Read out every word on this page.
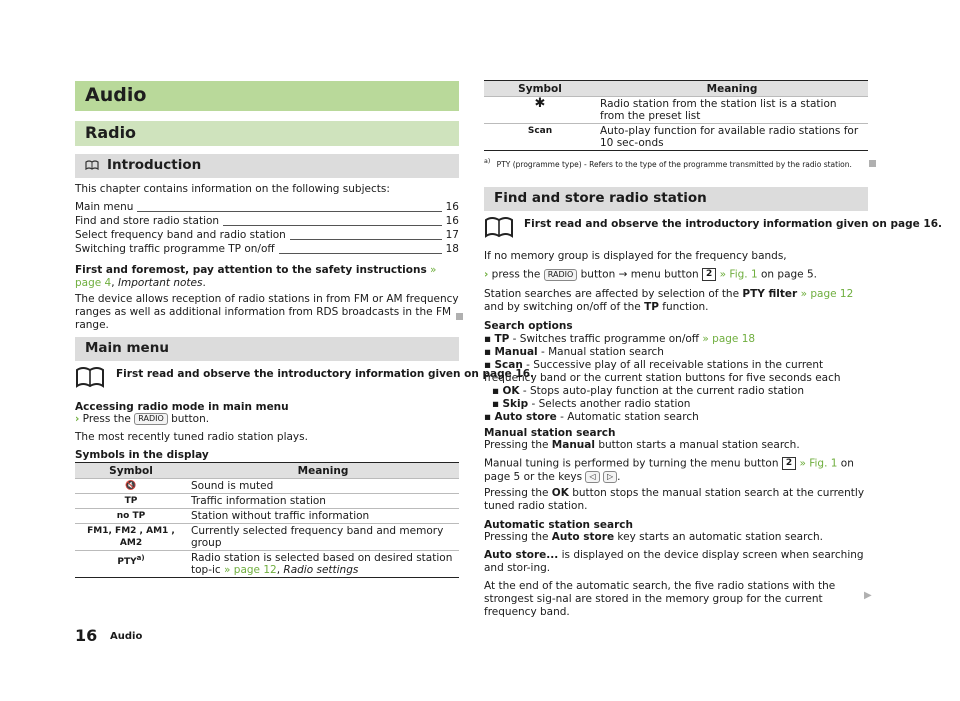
Audio
Radio
Introduction

This chapter contains information on the following subjects:

Main menu	16
Find and store radio station	16
Select frequency band and radio station	17
Switching traffic programme TP on/off	18

First and foremost, pay attention to the safety instructions » page 4, Important notes.

The device allows reception of radio stations in from FM or AM frequency ranges as well as additional information from RDS broadcasts in the FM range.

Main menu

First read and observe the introductory information given on page 16.

Accessing radio mode in main menu

› Press the RADIO button.

The most recently tuned radio station plays.

Symbols in the display

Symbol	Meaning
🔇	Sound is muted
TP	Traffic information station
no TP	Station without traffic information
FM1, FM2 , AM1 , AM2	Currently selected frequency band and memory group
PTY$^{a)}$	Radio station is selected based on desired station top-ic » page 12, Radio settings
16 Audio
Symbol	Meaning
✱	Radio station from the station list is a station from the preset list
Scan	Auto-play function for available radio stations for 10 sec-onds
$^{a)}$ PTY (programme type) - Refers to the type of the programme transmitted by the radio station.
Find and store radio station

First read and observe the introductory information given on page 16.

If no memory group is displayed for the frequency bands,

› press the RADIO button → menu button 2 » Fig. 1 on page 5.

Station searches are affected by selection of the PTY filter » page 12 and by switching on/off of the TP function.

Search options

▪ TP - Switches traffic programme on/off » page 18

▪ Manual - Manual station search

▪ Scan - Successive play of all receivable stations in the current frequency band or the current station buttons for five seconds each

▪ OK - Stops auto-play function at the current radio station

▪ Skip - Selects another radio station

▪ Auto store - Automatic station search

Manual station search

Pressing the Manual button starts a manual station search.

Manual tuning is performed by turning the menu button 2 » Fig. 1 on page 5 or the keys ◁ ▷ .

Pressing the OK button stops the manual station search at the currently tuned radio station.

Automatic station search

Pressing the Auto store key starts an automatic station search.

Auto store... is displayed on the device display screen when searching and stor-ing.

At the end of the automatic search, the five radio stations with the strongest sig-nal are stored in the memory group for the current frequency band.

▶
